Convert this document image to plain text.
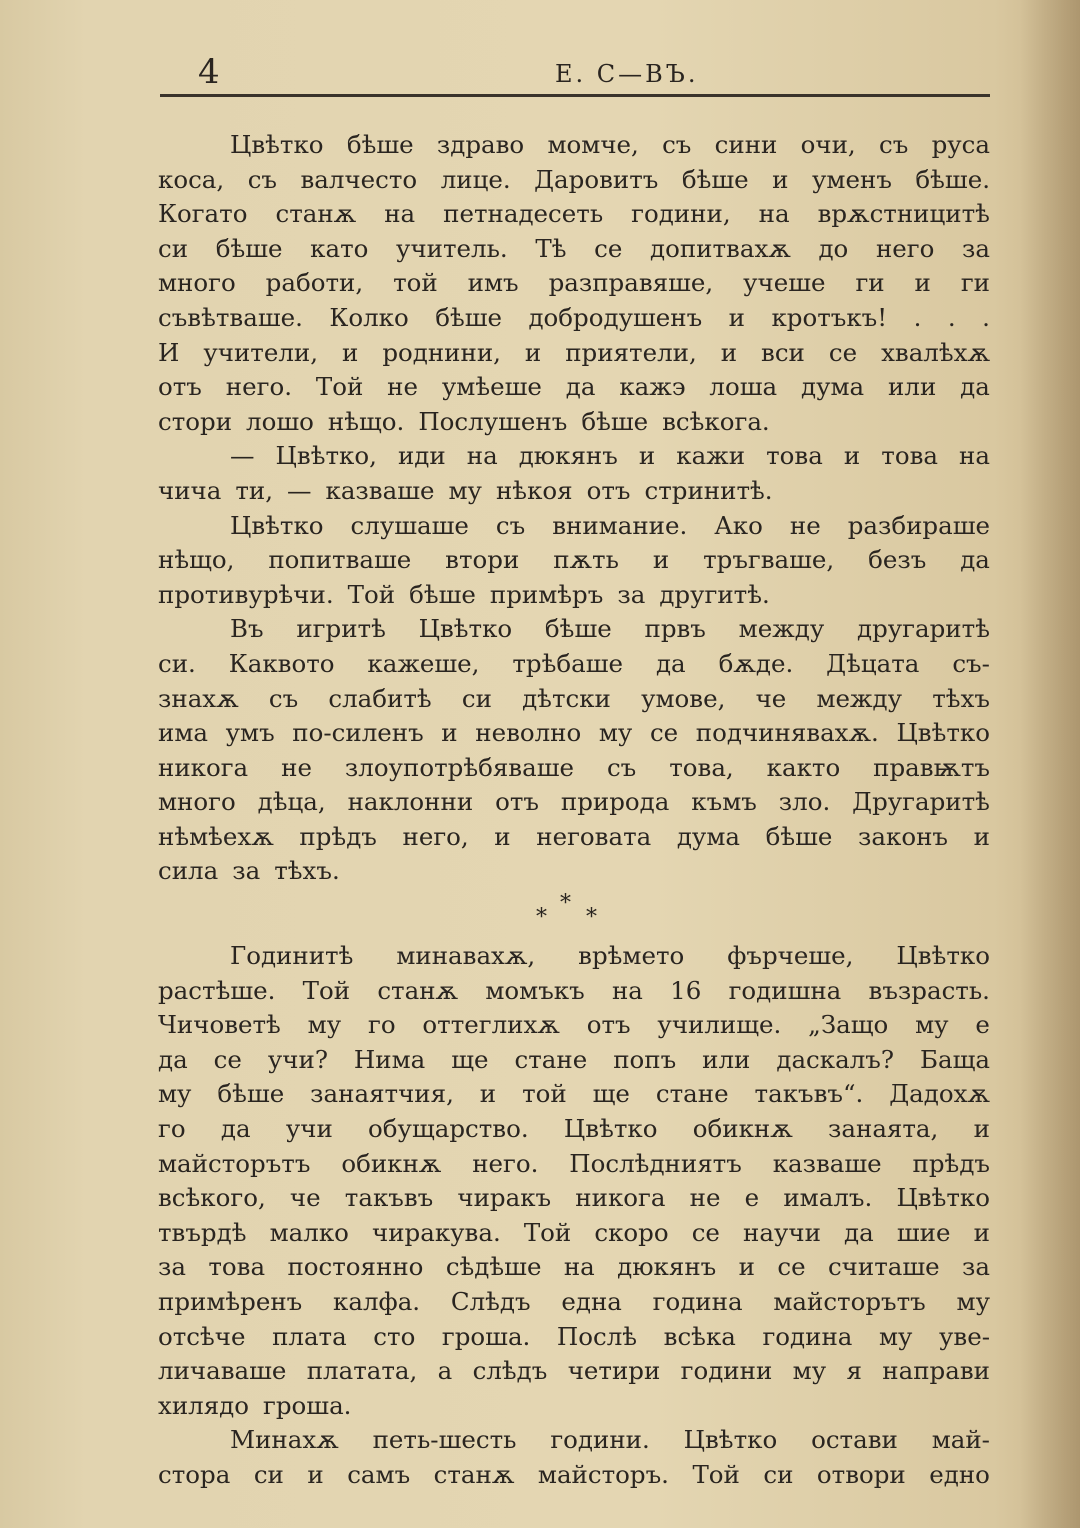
4	Е. С—ВЪ.
Цвѣтко бѣше здраво момче, съ сини очи, съ руса
коса, съ валчесто лице. Даровитъ бѣше и уменъ бѣше.
Когато станѫ на петнадесеть години, на врѫстницитѣ
си бѣше като учитель. Тѣ се допитвахѫ до него за
много работи, той имъ разправяше, учеше ги и ги
съвѣтваше. Колко бѣше добродушенъ и кротъкъ! . . .
И учители, и роднини, и приятели, и вси се хвалѣхѫ
отъ него. Той не умѣеше да кажэ лоша дума или да
стори лошо нѣщо. Послушенъ бѣше всѣкога.
— Цвѣтко, иди на дюкянъ и кажи това и това на
чича ти, — казваше му нѣкоя отъ стринитѣ.
Цвѣтко слушаше съ внимание. Ако не разбираше
нѣщо, попитваше втори пѫть и тръгваше, безъ да
противурѣчи. Той бѣше примѣръ за другитѣ.
Въ игритѣ Цвѣтко бѣше првъ между другаритѣ
си. Каквото кажеше, трѣбаше да бѫде. Дѣцата съ-
знахѫ съ слабитѣ си дѣтски умове, че между тѣхъ
има умъ по-силенъ и неволно му се подчинявахѫ. Цвѣтко
никога не злоупотрѣбяваше съ това, както правѭтъ
много дѣца, наклонни отъ природа къмъ зло. Другаритѣ
нѣмѣехѫ прѣдъ него, и неговата дума бѣше законъ и
сила за тѣхъ.
*
* *
Годинитѣ минавахѫ, врѣмето фърчеше, Цвѣтко
растѣше. Той станѫ момъкъ на 16 годишна възрасть.
Чичоветѣ му го оттеглихѫ отъ училище. „Защо му е
да се учи? Нима ще стане попъ или даскалъ? Баща
му бѣше занаятчия, и той ще стане такъвъ“. Дадохѫ
го да учи обущарство. Цвѣтко обикнѫ занаята, и
майсторътъ обикнѫ него. Послѣдниятъ казваше прѣдъ
всѣкого, че такъвъ чиракъ никога не е ималъ. Цвѣтко
твърдѣ малко чиракува. Той скоро се научи да шие и
за това постоянно сѣдѣше на дюкянъ и се считаше за
примѣренъ калфа. Слѣдъ една година майсторътъ му
отсѣче плата сто гроша. Послѣ всѣка година му уве-
личаваше платата, а слѣдъ четири години му я направи
хилядо гроша.
Минахѫ петь-шесть години. Цвѣтко остави май-
стора си и самъ станѫ майсторъ. Той си отвори едно
